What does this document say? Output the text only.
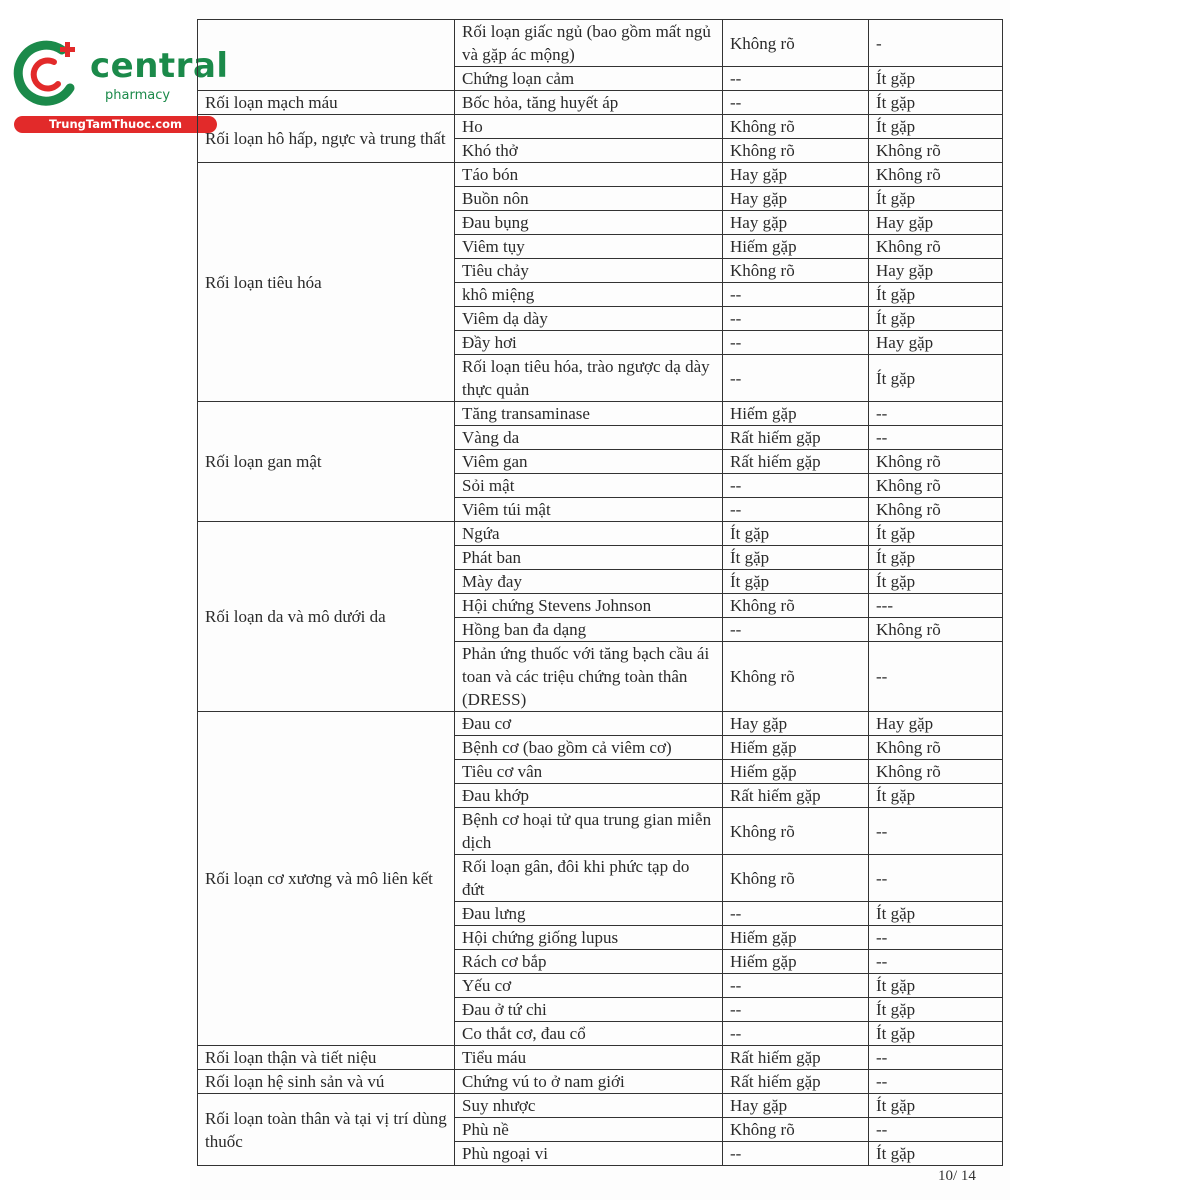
central
pharmacy
TrungTamThuoc.com
	Rối loạn giấc ngủ (bao gồm mất ngủ và gặp ác mộng)	Không rõ	-
	Chứng loạn cảm	--	Ít gặp
Rối loạn mạch máu	Bốc hỏa, tăng huyết áp	--	Ít gặp
Rối loạn hô hấp, ngực và trung thất	Ho	Không rõ	Ít gặp
	Khó thở	Không rõ	Không rõ
Rối loạn tiêu hóa	Táo bón	Hay gặp	Không rõ
	Buồn nôn	Hay gặp	Ít gặp
	Đau bụng	Hay gặp	Hay gặp
	Viêm tụy	Hiếm gặp	Không rõ
	Tiêu chảy	Không rõ	Hay gặp
	khô miệng	--	Ít gặp
	Viêm dạ dày	--	Ít gặp
	Đầy hơi	--	Hay gặp
	Rối loạn tiêu hóa, trào ngược dạ dày thực quản	--	Ít gặp
Rối loạn gan mật	Tăng transaminase	Hiếm gặp	--
	Vàng da	Rất hiếm gặp	--
	Viêm gan	Rất hiếm gặp	Không rõ
	Sỏi mật	--	Không rõ
	Viêm túi mật	--	Không rõ
Rối loạn da và mô dưới da	Ngứa	Ít gặp	Ít gặp
	Phát ban	Ít gặp	Ít gặp
	Mày đay	Ít gặp	Ít gặp
	Hội chứng Stevens Johnson	Không rõ	---
	Hồng ban đa dạng	--	Không rõ
	Phản ứng thuốc với tăng bạch cầu ái toan và các triệu chứng toàn thân (DRESS)	Không rõ	--
Rối loạn cơ xương và mô liên kết	Đau cơ	Hay gặp	Hay gặp
	Bệnh cơ (bao gồm cả viêm cơ)	Hiếm gặp	Không rõ
	Tiêu cơ vân	Hiếm gặp	Không rõ
	Đau khớp	Rất hiếm gặp	Ít gặp
	Bệnh cơ hoại tử qua trung gian miễn dịch	Không rõ	--
	Rối loạn gân, đôi khi phức tạp do đứt	Không rõ	--
	Đau lưng	--	Ít gặp
	Hội chứng giống lupus	Hiếm gặp	--
	Rách cơ bắp	Hiếm gặp	--
	Yếu cơ	--	Ít gặp
	Đau ở tứ chi	--	Ít gặp
	Co thắt cơ, đau cổ	--	Ít gặp
Rối loạn thận và tiết niệu	Tiểu máu	Rất hiếm gặp	--
Rối loạn hệ sinh sản và vú	Chứng vú to ở nam giới	Rất hiếm gặp	--
Rối loạn toàn thân và tại vị trí dùng thuốc	Suy nhược	Hay gặp	Ít gặp
	Phù nề	Không rõ	--
	Phù ngoại vi	--	Ít gặp
10/ 14
